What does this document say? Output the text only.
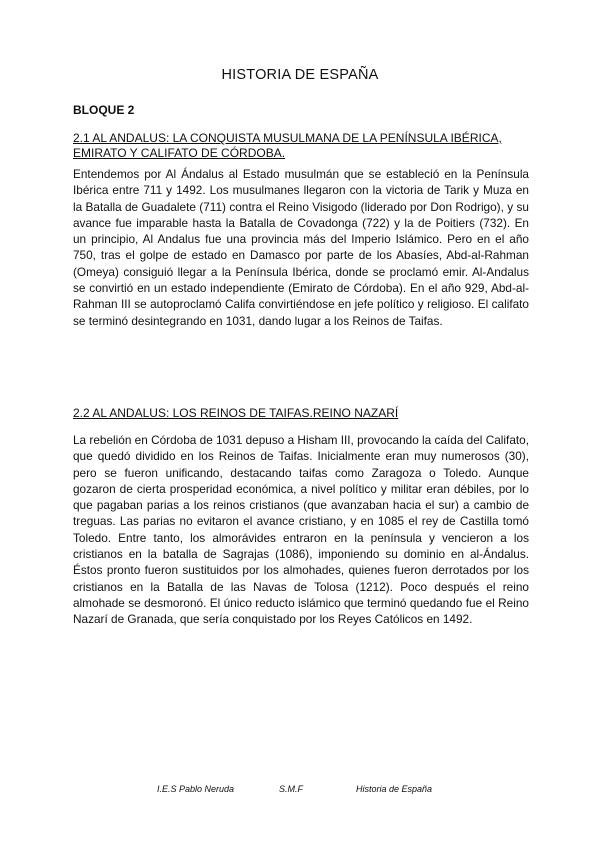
HISTORIA DE ESPAÑA
BLOQUE 2
2.1 AL ANDALUS: LA CONQUISTA MUSULMANA DE LA PENÍNSULA IBÉRICA, EMIRATO Y CALIFATO DE CÓRDOBA.

Entendemos por Al Ándalus al Estado musulmán que se estableció en la Península Ibérica entre 711 y 1492. Los musulmanes llegaron con la victoria de Tarik y Muza en la Batalla de Guadalete (711) contra el Reino Visigodo (liderado por Don Rodrigo), y su avance fue imparable hasta la Batalla de Covadonga (722) y la de Poitiers (732). En un principio, Al Andalus fue una provincia más del Imperio Islámico. Pero en el año 750, tras el golpe de estado en Damasco por parte de los Abasíes, Abd-al-Rahman (Omeya) consiguió llegar a la Península Ibérica, donde se proclamó emir. Al-Andalus se convirtió en un estado independiente (Emirato de Córdoba). En el año 929, Abd-al-Rahman III se autoproclamó Califa convirtiéndose en jefe político y religioso. El califato se terminó desintegrando en 1031, dando lugar a los Reinos de Taifas.

2.2 AL ANDALUS: LOS REINOS DE TAIFAS.REINO NAZARÍ

La rebelión en Córdoba de 1031 depuso a Hisham III, provocando la caída del Califato, que quedó dividido en los Reinos de Taifas. Inicialmente eran muy numerosos (30), pero se fueron unificando, destacando taifas como Zaragoza o Toledo. Aunque gozaron de cierta prosperidad económica, a nivel político y militar eran débiles, por lo que pagaban parias a los reinos cristianos (que avanzaban hacia el sur) a cambio de treguas. Las parias no evitaron el avance cristiano, y en 1085 el rey de Castilla tomó Toledo. Entre tanto, los almorávides entraron en la península y vencieron a los cristianos en la batalla de Sagrajas (1086), imponiendo su dominio en al-Ándalus. Éstos pronto fueron sustituidos por los almohades, quienes fueron derrotados por los cristianos en la Batalla de las Navas de Tolosa (1212). Poco después el reino almohade se desmoronó. El único reducto islámico que terminó quedando fue el Reino Nazarí de Granada, que sería conquistado por los Reyes Católicos en 1492.

I.E.S Pablo Neruda	S.M.F	Historia de España
